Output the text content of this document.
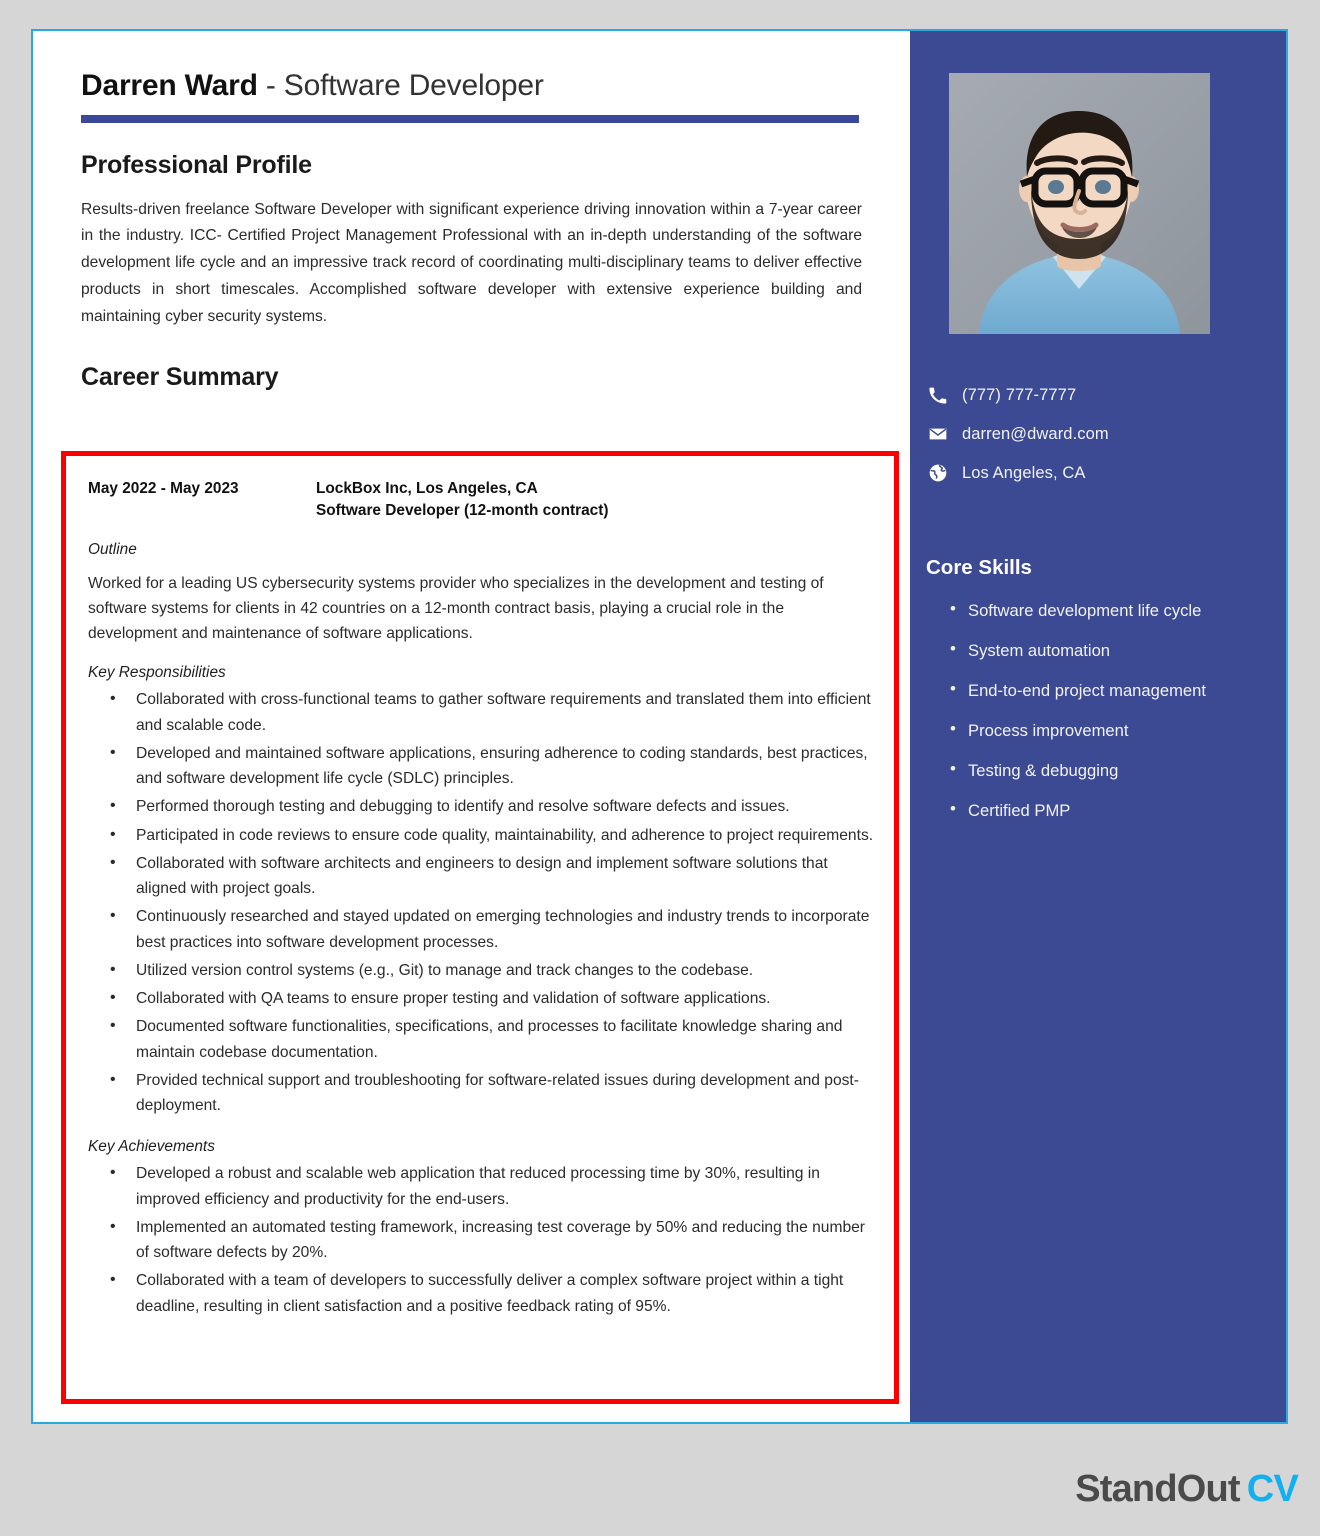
Darren Ward - Software Developer
Professional Profile
Results-driven freelance Software Developer with significant experience driving innovation within a 7-year career in the industry. ICC- Certified Project Management Professional with an in-depth understanding of the software development life cycle and an impressive track record of coordinating multi-disciplinary teams to deliver effective products in short timescales. Accomplished software developer with extensive experience building and maintaining cyber security systems.
Career Summary
May 2022 - May 2023	LockBox Inc, Los Angeles, CA
Software Developer (12-month contract)
Outline
Worked for a leading US cybersecurity systems provider who specializes in the development and testing of software systems for clients in 42 countries on a 12-month contract basis, playing a crucial role in the development and maintenance of software applications.
Key Responsibilities
• Collaborated with cross-functional teams to gather software requirements and translated them into efficient and scalable code.
• Developed and maintained software applications, ensuring adherence to coding standards, best practices, and software development life cycle (SDLC) principles.
• Performed thorough testing and debugging to identify and resolve software defects and issues.
• Participated in code reviews to ensure code quality, maintainability, and adherence to project requirements.
• Collaborated with software architects and engineers to design and implement software solutions that aligned with project goals.
• Continuously researched and stayed updated on emerging technologies and industry trends to incorporate best practices into software development processes.
• Utilized version control systems (e.g., Git) to manage and track changes to the codebase.
• Collaborated with QA teams to ensure proper testing and validation of software applications.
• Documented software functionalities, specifications, and processes to facilitate knowledge sharing and maintain codebase documentation.
• Provided technical support and troubleshooting for software-related issues during development and post-deployment.
Key Achievements
• Developed a robust and scalable web application that reduced processing time by 30%, resulting in improved efficiency and productivity for the end-users.
• Implemented an automated testing framework, increasing test coverage by 50% and reducing the number of software defects by 20%.
• Collaborated with a team of developers to successfully deliver a complex software project within a tight deadline, resulting in client satisfaction and a positive feedback rating of 95%.
(777) 777-7777
darren@dward.com
Los Angeles, CA
Core Skills
• Software development life cycle
• System automation
• End-to-end project management
• Process improvement
• Testing & debugging
• Certified PMP
StandOut CV
